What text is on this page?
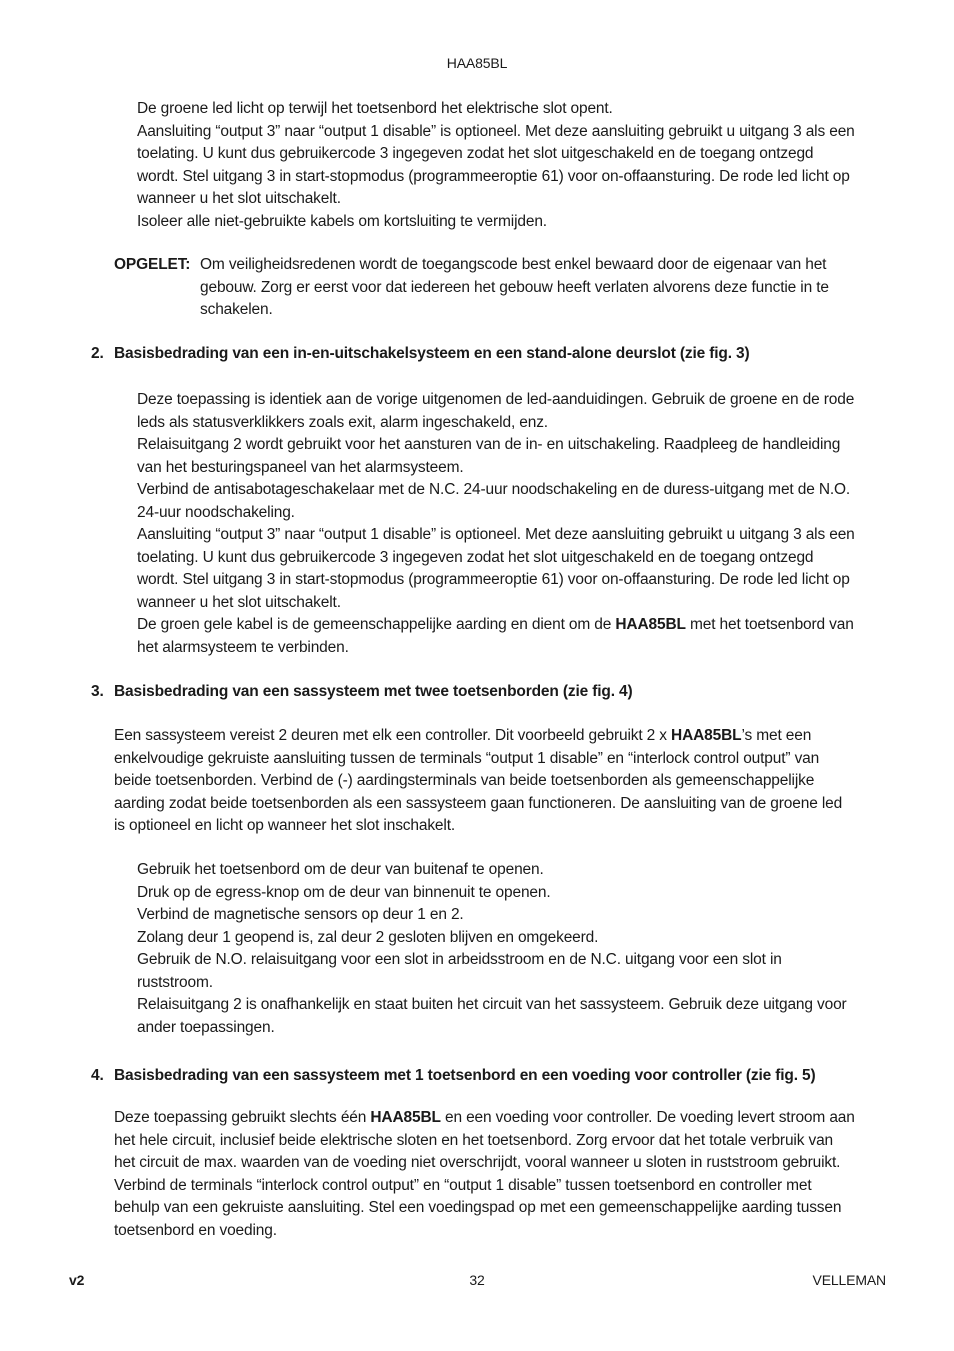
HAA85BL
De groene led licht op terwijl het toetsenbord het elektrische slot opent.
Aansluiting “output 3” naar “output 1 disable” is optioneel. Met deze aansluiting gebruikt u uitgang 3 als een
toelating. U kunt dus gebruikercode 3 ingegeven zodat het slot uitgeschakeld en de toegang ontzegd
wordt. Stel uitgang 3 in start-stopmodus (programmeeroptie 61) voor on-offaansturing. De rode led licht op
wanneer u het slot uitschakelt.
Isoleer alle niet-gebruikte kabels om kortsluiting te vermijden.
OPGELET: Om veiligheidsredenen wordt de toegangscode best enkel bewaard door de eigenaar van het
gebouw. Zorg er eerst voor dat iedereen het gebouw heeft verlaten alvorens deze functie in te
schakelen.
2. Basisbedrading van een in-en-uitschakelsysteem en een stand-alone deurslot (zie fig. 3)
Deze toepassing is identiek aan de vorige uitgenomen de led-aanduidingen. Gebruik de groene en de rode
leds als statusverklikkers zoals exit, alarm ingeschakeld, enz.
Relaisuitgang 2 wordt gebruikt voor het aansturen van de in- en uitschakeling. Raadpleeg de handleiding
van het besturingspaneel van het alarmsysteem.
Verbind de antisabotageschakelaar met de N.C. 24-uur noodschakeling en de duress-uitgang met de N.O.
24-uur noodschakeling.
Aansluiting “output 3” naar “output 1 disable” is optioneel. Met deze aansluiting gebruikt u uitgang 3 als een
toelating. U kunt dus gebruikercode 3 ingegeven zodat het slot uitgeschakeld en de toegang ontzegd
wordt. Stel uitgang 3 in start-stopmodus (programmeeroptie 61) voor on-offaansturing. De rode led licht op
wanneer u het slot uitschakelt.
De groen gele kabel is de gemeenschappelijke aarding en dient om de HAA85BL met het toetsenbord van
het alarmsysteem te verbinden.
3. Basisbedrading van een sassysteem met twee toetsenborden (zie fig. 4)
Een sassysteem vereist 2 deuren met elk een controller. Dit voorbeeld gebruikt 2 x HAA85BL’s met een
enkelvoudige gekruiste aansluiting tussen de terminals “output 1 disable” en “interlock control output” van
beide toetsenborden. Verbind de (-) aardingsterminals van beide toetsenborden als gemeenschappelijke
aarding zodat beide toetsenborden als een sassysteem gaan functioneren. De aansluiting van de groene led
is optioneel en licht op wanneer het slot inschakelt.
Gebruik het toetsenbord om de deur van buitenaf te openen.
Druk op de egress-knop om de deur van binnenuit te openen.
Verbind de magnetische sensors op deur 1 en 2.
Zolang deur 1 geopend is, zal deur 2 gesloten blijven en omgekeerd.
Gebruik de N.O. relaisuitgang voor een slot in arbeidsstroom en de N.C. uitgang voor een slot in
ruststroom.
Relaisuitgang 2 is onafhankelijk en staat buiten het circuit van het sassysteem. Gebruik deze uitgang voor
ander toepassingen.
4. Basisbedrading van een sassysteem met 1 toetsenbord en een voeding voor controller (zie fig. 5)
Deze toepassing gebruikt slechts één HAA85BL en een voeding voor controller. De voeding levert stroom aan
het hele circuit, inclusief beide elektrische sloten en het toetsenbord. Zorg ervoor dat het totale verbruik van
het circuit de max. waarden van de voeding niet overschrijdt, vooral wanneer u sloten in ruststroom gebruikt.
Verbind de terminals “interlock control output” en “output 1 disable” tussen toetsenbord en controller met
behulp van een gekruiste aansluiting. Stel een voedingspad op met een gemeenschappelijke aarding tussen
toetsenbord en voeding.
v2	32	VELLEMAN
